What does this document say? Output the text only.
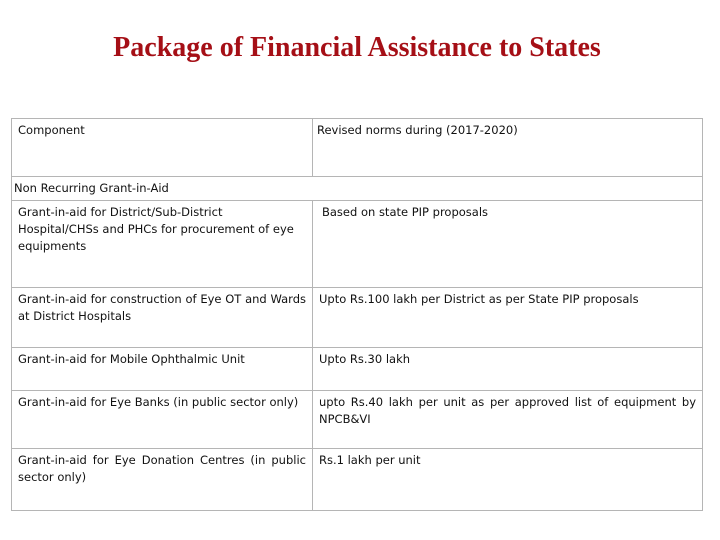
Package of Financial Assistance to States
Component	Revised norms during (2017-2020)
Non Recurring Grant-in-Aid	
Grant-in-aid for District/Sub-District Hospital/CHSs and PHCs for procurement of eye equipments	Based on state PIP proposals
Grant-in-aid for construction of Eye OT and Wards at District Hospitals	Upto Rs.100 lakh per District as per State PIP proposals
Grant-in-aid for Mobile Ophthalmic Unit	Upto Rs.30 lakh
Grant-in-aid for Eye Banks (in public sector only)	upto Rs.40 lakh per unit as per approved list of equipment by NPCB&VI
Grant-in-aid for Eye Donation Centres (in public sector only)	Rs.1 lakh per unit
